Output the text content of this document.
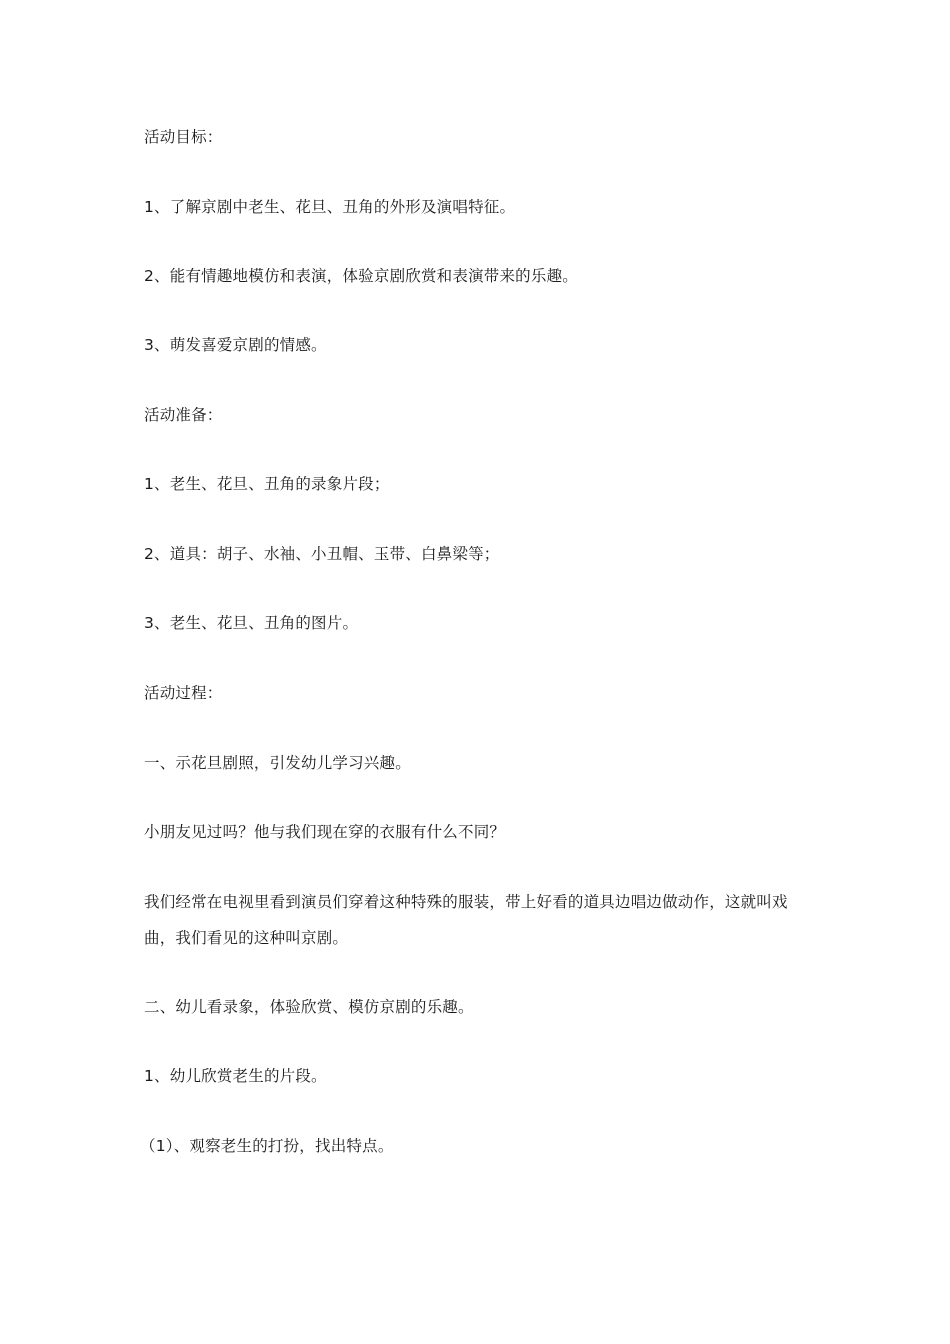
活动目标：

1、了解京剧中老生、花旦、丑角的外形及演唱特征。

2、能有情趣地模仿和表演，体验京剧欣赏和表演带来的乐趣。

3、萌发喜爱京剧的情感。

活动准备：

1、老生、花旦、丑角的录象片段；

2、道具：胡子、水袖、小丑帽、玉带、白鼻梁等；

3、老生、花旦、丑角的图片。

活动过程：

一、示花旦剧照，引发幼儿学习兴趣。

小朋友见过吗？他与我们现在穿的衣服有什么不同？

我们经常在电视里看到演员们穿着这种特殊的服装，带上好看的道具边唱边做动作，这就叫戏曲，我们看见的这种叫京剧。

二、幼儿看录象，体验欣赏、模仿京剧的乐趣。

1、幼儿欣赏老生的片段。

（1）、观察老生的打扮，找出特点。
